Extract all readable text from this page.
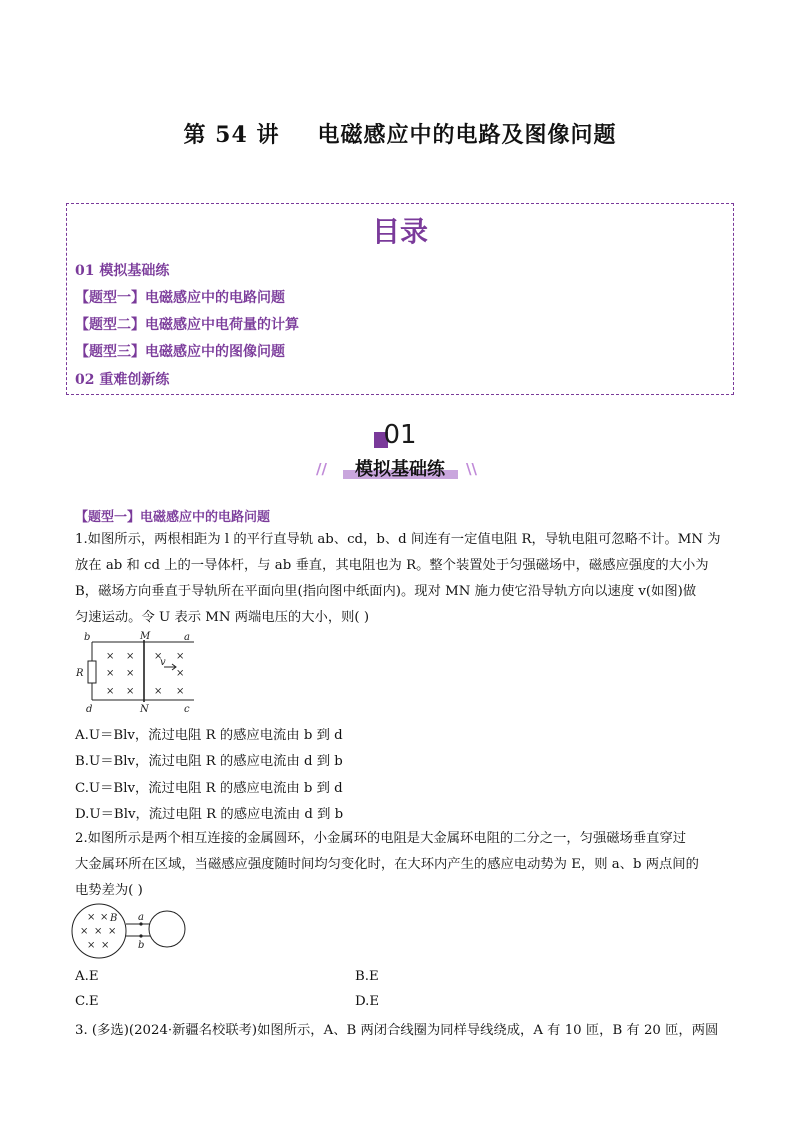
第 54 讲 电磁感应中的电路及图像问题
目录
01 模拟基础练
【题型一】电磁感应中的电路问题
【题型二】电磁感应中电荷量的计算
【题型三】电磁感应中的图像问题
02 重难创新练
01
//	模拟基础练	\\
【题型一】电磁感应中的电路问题
1.如图所示，两根相距为 l 的平行直导轨 ab、cd，b、d 间连有一定值电阻 R，导轨电阻可忽略不计。MN 为
放在 ab 和 cd 上的一导体杆，与 ab 垂直，其电阻也为 R。整个装置处于匀强磁场中，磁感应强度的大小为
B，磁场方向垂直于导轨所在平面向里(指向图中纸面内)。现对 MN 施力使它沿导轨方向以速度 v(如图)做
匀速运动。令 U 表示 MN 两端电压的大小，则( )
b	M	a
R
v
d	N	c
× ×
× ×
× ×
× ×
×
× ×
A.U＝Blv，流过电阻 R 的感应电流由 b 到 d
B.U＝Blv，流过电阻 R 的感应电流由 d 到 b
C.U＝Blv，流过电阻 R 的感应电流由 b 到 d
D.U＝Blv，流过电阻 R 的感应电流由 d 到 b
2.如图所示是两个相互连接的金属圆环，小金属环的电阻是大金属环电阻的二分之一，匀强磁场垂直穿过
大金属环所在区域，当磁感应强度随时间均匀变化时，在大环内产生的感应电动势为 E，则 a、b 两点间的
电势差为( )
a
b
B
× ×
× × ×
× ×
A.E	B.E
C.E	D.E
3. (多选)(2024·新疆名校联考)如图所示，A、B 两闭合线圈为同样导线绕成，A 有 10 匝，B 有 20 匝，两圆
